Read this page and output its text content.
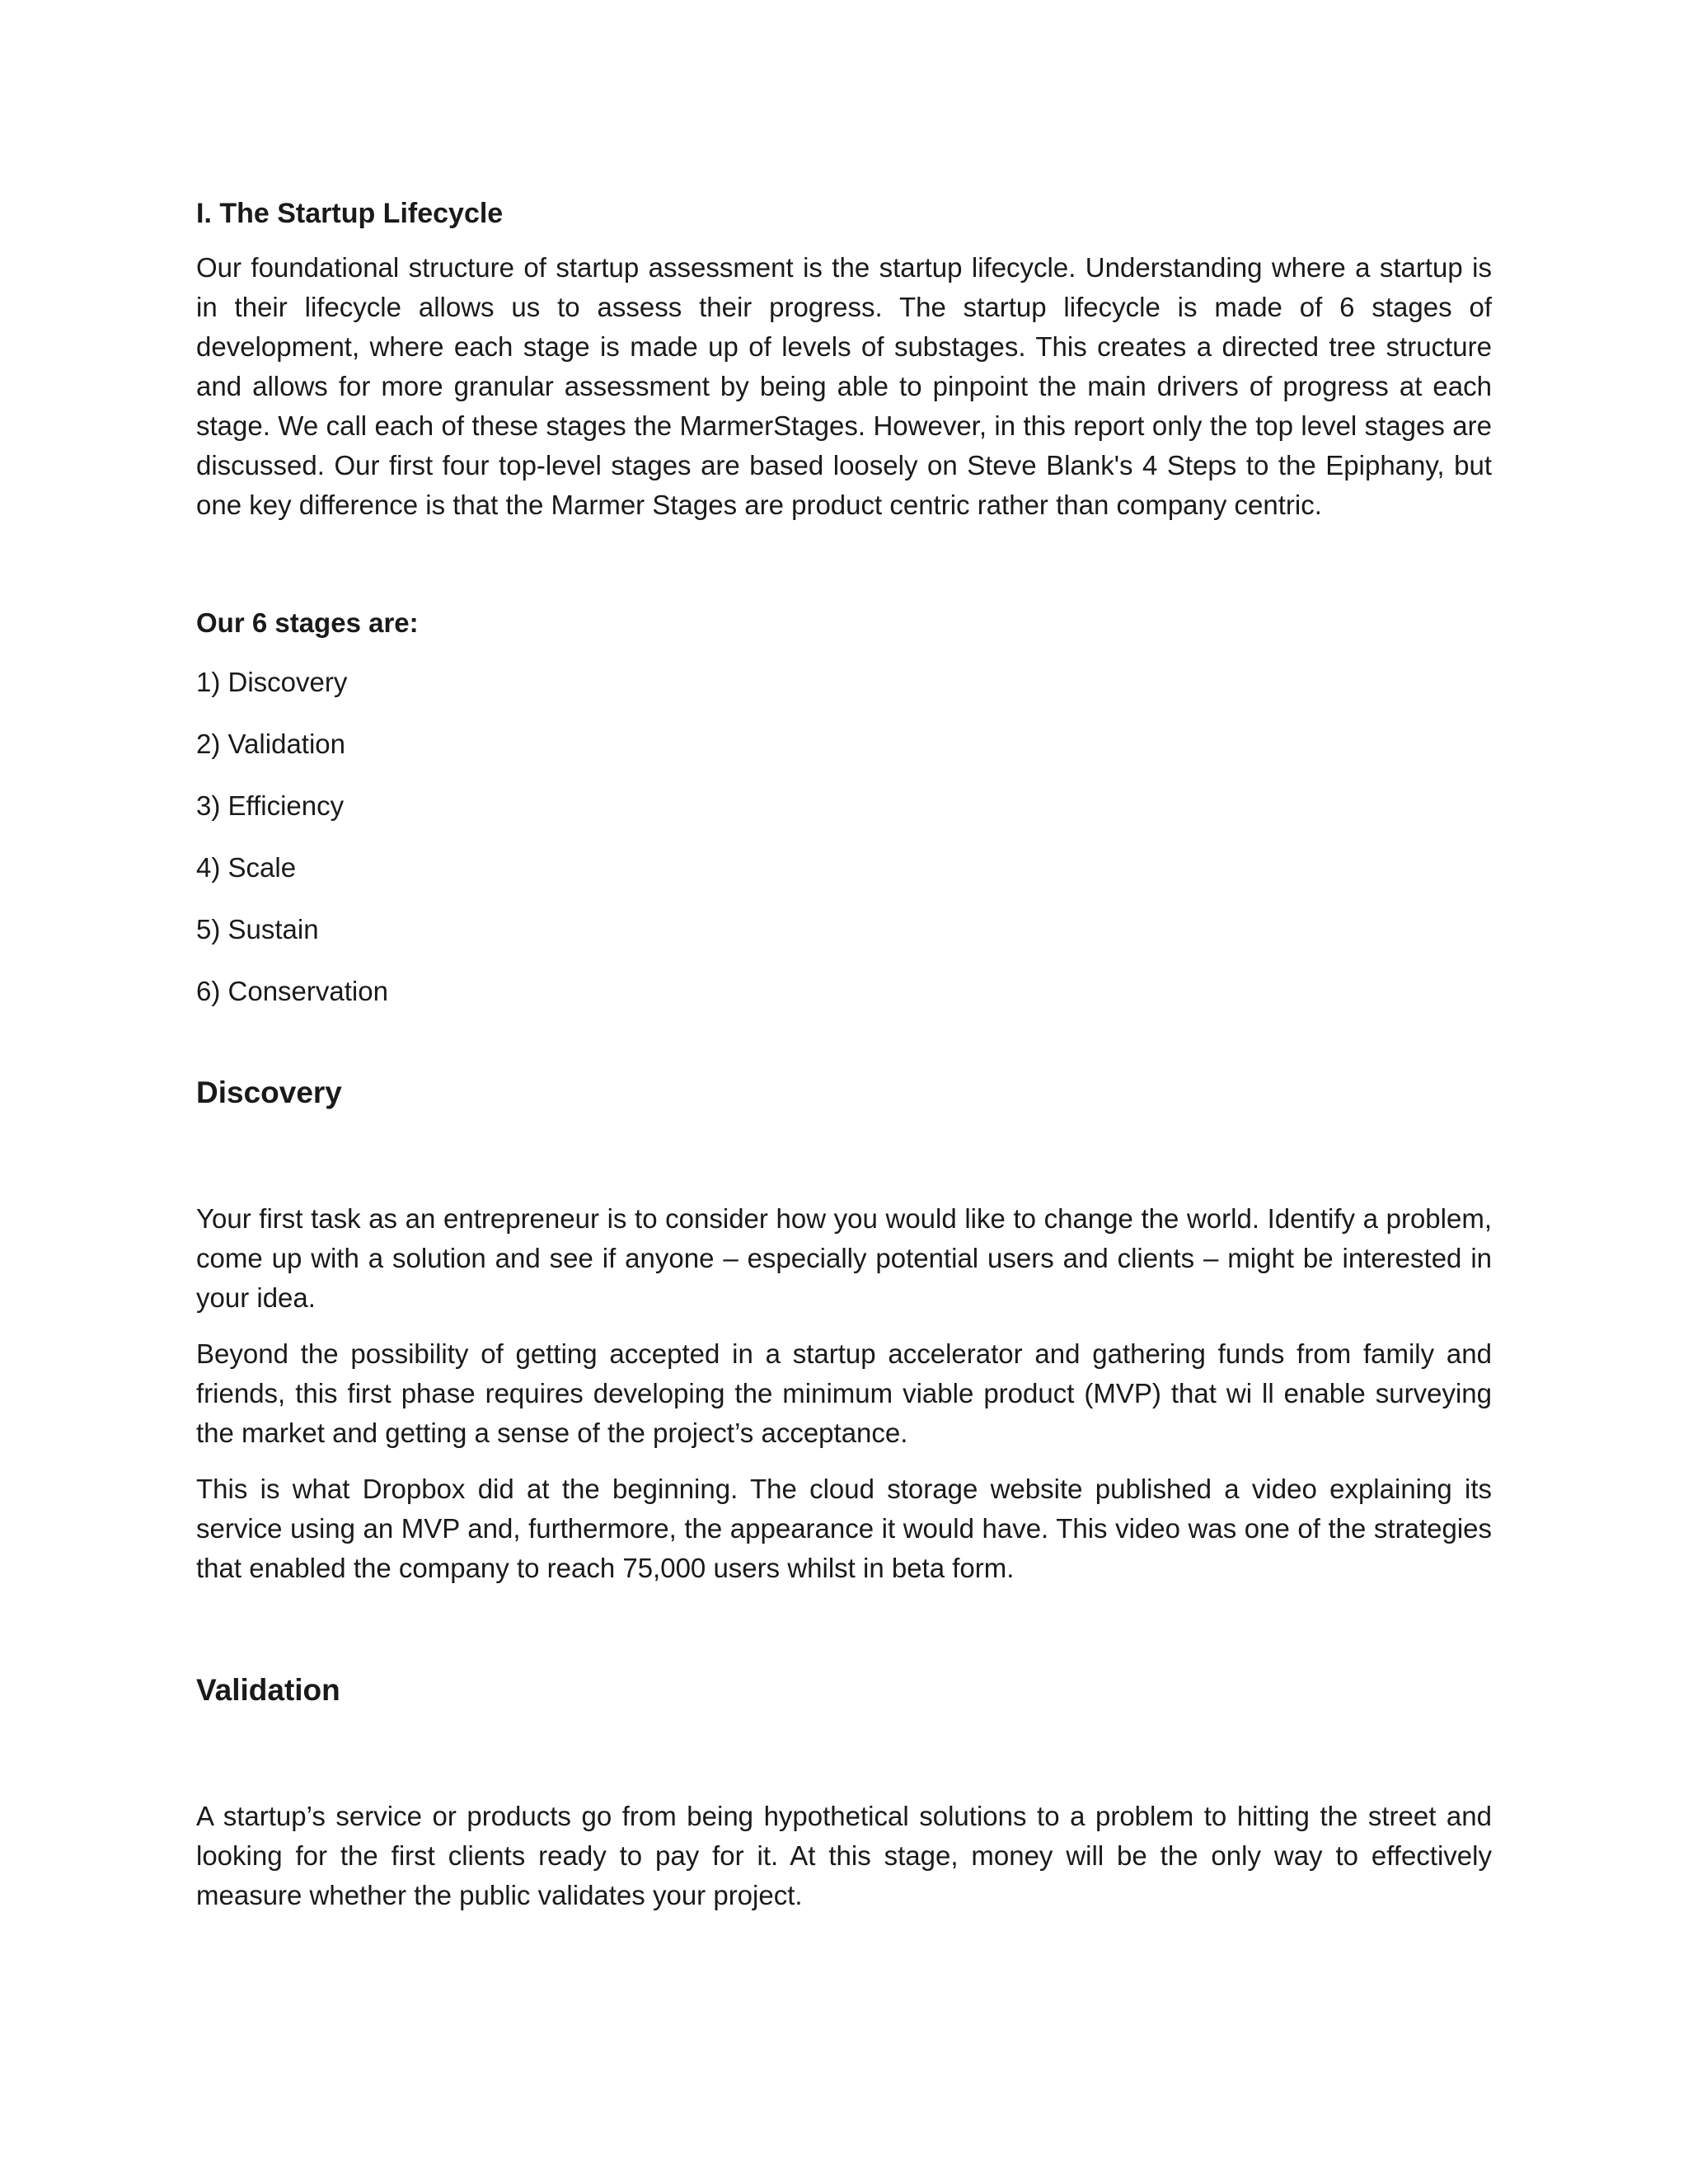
I. The Startup Lifecycle

Our foundational structure of startup assessment is the startup lifecycle. Understanding where a startup is in their lifecycle allows us to assess their progress. The startup lifecycle is made of 6 stages of development, where each stage is made up of levels of substages. This creates a directed tree structure and allows for more granular assessment by being able to pinpoint the main drivers of progress at each stage. We call each of these stages the MarmerStages. However, in this report only the top level stages are discussed. Our first four top-level stages are based loosely on Steve Blank's 4 Steps to the Epiphany, but one key difference is that the Marmer Stages are product centric rather than company centric.

Our 6 stages are:
1) Discovery
2) Validation
3) Efficiency
4) Scale
5) Sustain
6) Conservation
Discovery

Your first task as an entrepreneur is to consider how you would like to change the world. Identify a problem, come up with a solution and see if anyone – especially potential users and clients – might be interested in your idea.

Beyond the possibility of getting accepted in a startup accelerator and gathering funds from family and friends, this first phase requires developing the minimum viable product (MVP) that wi ll enable surveying the market and getting a sense of the project’s acceptance.

This is what Dropbox did at the beginning. The cloud storage website published a video explaining its service using an MVP and, furthermore, the appearance it would have. This video was one of the strategies that enabled the company to reach 75,000 users whilst in beta form.

Validation

A startup’s service or products go from being hypothetical solutions to a problem to hitting the street and looking for the first clients ready to pay for it. At this stage, money will be the only way to effectively measure whether the public validates your project.
